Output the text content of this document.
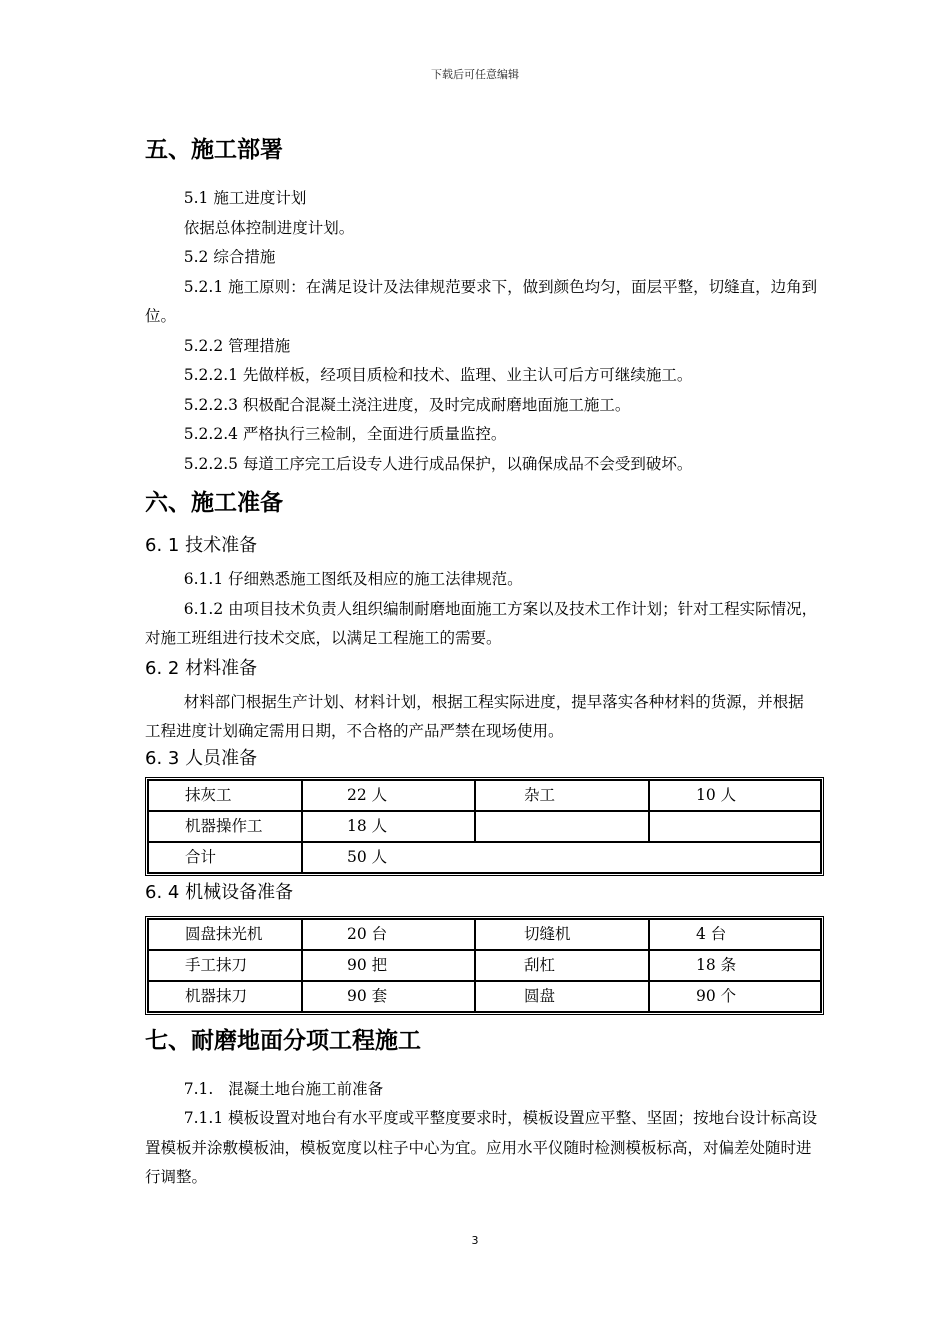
下载后可任意编辑
五、施工部署

5.1 施工进度计划

依据总体控制进度计划。

5.2 综合措施

5.2.1 施工原则：在满足设计及法律规范要求下，做到颜色均匀，面层平整，切缝直，边角到位。

5.2.2 管理措施

5.2.2.1 先做样板，经项目质检和技术、监理、业主认可后方可继续施工。

5.2.2.3 积极配合混凝土浇注进度，及时完成耐磨地面施工施工。

5.2.2.4 严格执行三检制，全面进行质量监控。

5.2.2.5 每道工序完工后设专人进行成品保护，以确保成品不会受到破坏。

六、施工准备
6. 1 技术准备

6.1.1 仔细熟悉施工图纸及相应的施工法律规范。

6.1.2 由项目技术负责人组织编制耐磨地面施工方案以及技术工作计划；针对工程实际情况，对施工班组进行技术交底，以满足工程施工的需要。

6. 2 材料准备

材料部门根据生产计划、材料计划，根据工程实际进度，提早落实各种材料的货源，并根据工程进度计划确定需用日期，不合格的产品严禁在现场使用。

6. 3 人员准备
抹灰工	22 人	杂工	10 人
机器操作工	18 人		
合计	50 人		
6. 4 机械设备准备
圆盘抹光机	20 台	切缝机	4 台
手工抹刀	90 把	刮杠	18 条
机器抹刀	90 套	圆盘	90 个
七、耐磨地面分项工程施工

7.1.   混凝土地台施工前准备

7.1.1 模板设置对地台有水平度或平整度要求时，模板设置应平整、坚固；按地台设计标高设置模板并涂敷模板油，模板宽度以柱子中心为宜。应用水平仪随时检测模板标高，对偏差处随时进行调整。

3
